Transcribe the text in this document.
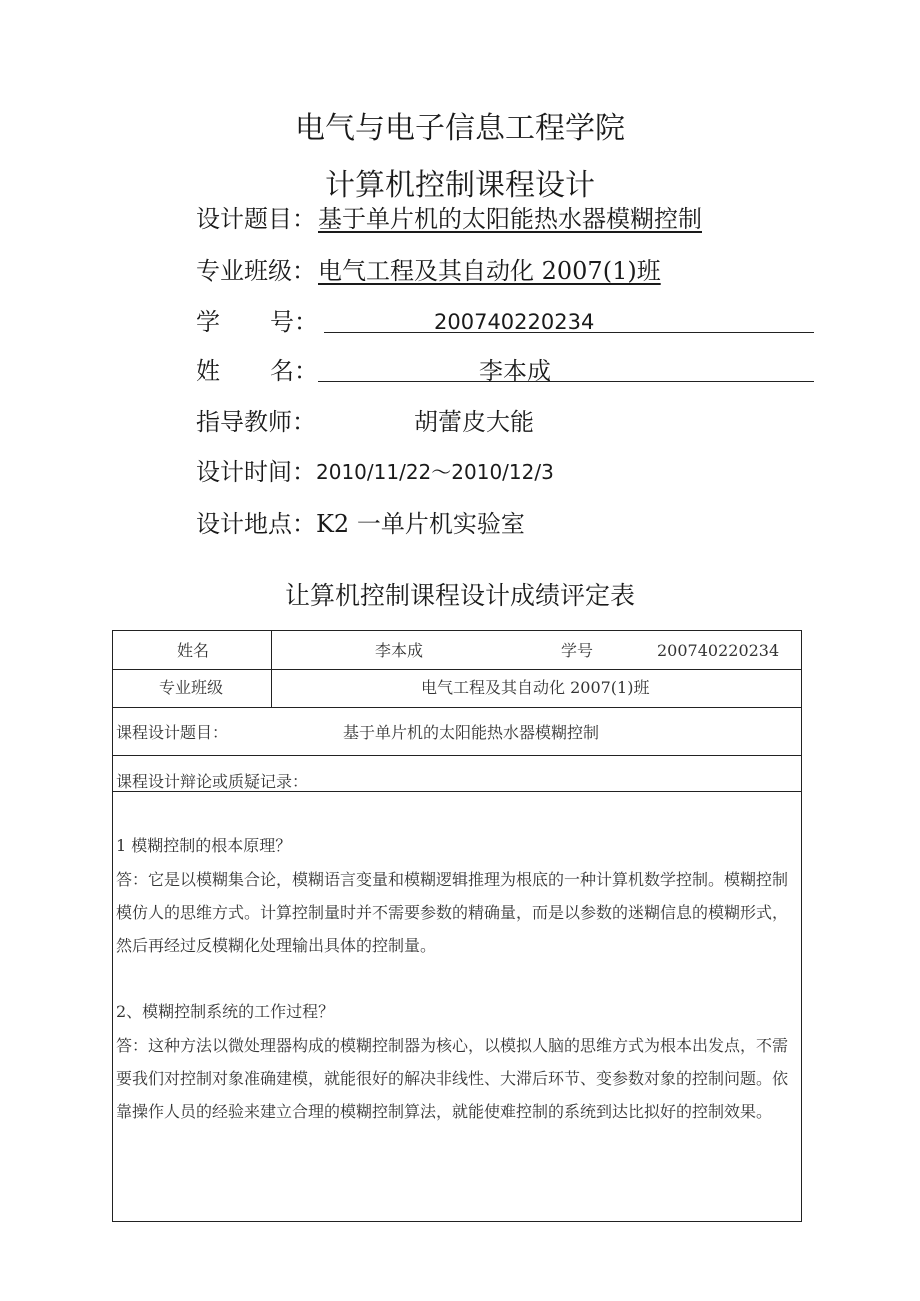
电气与电子信息工程学院
计算机控制课程设计
设计题目： 基于单片机的太阳能热水器模糊控制
专业班级： 电气工程及其自动化 2007(1)班
学 号：	200740220234
姓 名：	李本成
指导教师：	胡蕾皮大能
设计时间： 2010/11/22～2010/12/3
设计地点： K2 一单片机实验室
让算机控制课程设计成绩评定表
姓名	李本成	学号	200740220234
专业班级	电气工程及其自动化 2007(1)班
课程设计题目：	基于单片机的太阳能热水器模糊控制
课程设计辩论或质疑记录：
1 模糊控制的根本原理？
答：它是以模糊集合论，模糊语言变量和模糊逻辑推理为根底的一种计算机数学控制。模糊控制模仿人的思维方式。计算控制量时并不需要参数的精确量，而是以参数的迷糊信息的模糊形式，然后再经过反模糊化处理输出具体的控制量。
2、模糊控制系统的工作过程？
答：这种方法以微处理器构成的模糊控制器为核心，以模拟人脑的思维方式为根本出发点，不需要我们对控制对象准确建模，就能很好的解决非线性、大滞后环节、变参数对象的控制问题。依靠操作人员的经验来建立合理的模糊控制算法，就能使难控制的系统到达比拟好的控制效果。
